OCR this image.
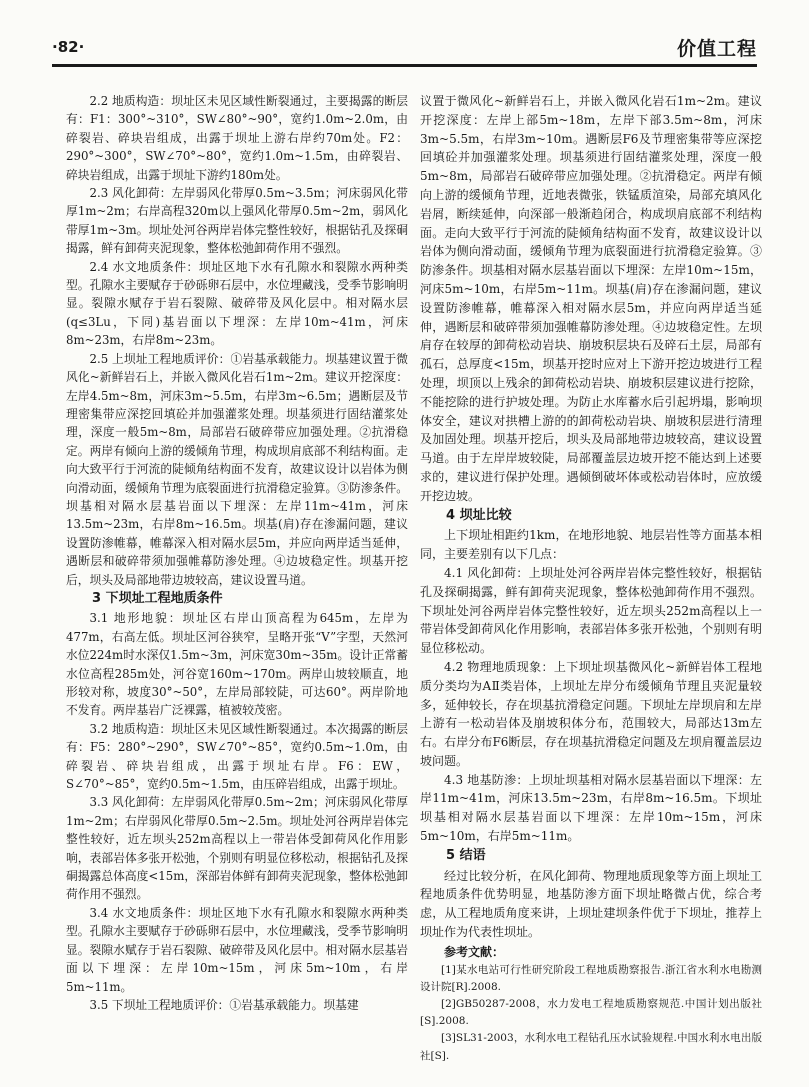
·82·	价值工程

2.2 地质构造：坝址区未见区域性断裂通过，主要揭露的断层有：F1：300°~310°，SW∠80°~90°，宽约1.0m~2.0m，由碎裂岩、碎块岩组成，出露于坝址上游右岸约70m处。F2：290°~300°，SW∠70°~80°，宽约1.0m~1.5m，由碎裂岩、碎块岩组成，出露于坝址下游约180m处。

2.3 风化卸荷：左岸弱风化带厚0.5m~3.5m；河床弱风化带厚1m~2m；右岸高程320m以上强风化带厚0.5m~2m，弱风化带厚1m~3m。坝址处河谷两岸岩体完整性较好，根据钻孔及探硐揭露，鲜有卸荷夹泥现象，整体松弛卸荷作用不强烈。

2.4 水文地质条件：坝址区地下水有孔隙水和裂隙水两种类型。孔隙水主要赋存于砂砾卵石层中，水位埋藏浅，受季节影响明显。裂隙水赋存于岩石裂隙、破碎带及风化层中。相对隔水层(q≤3Lu，下同)基岩面以下埋深：左岸10m~41m，河床8m~23m，右岸8m~23m。

2.5 上坝址工程地质评价：①岩基承载能力。坝基建议置于微风化~新鲜岩石上，并嵌入微风化岩石1m~2m。建议开挖深度：左岸4.5m~8m，河床3m~5.5m，右岸3m~6.5m；遇断层及节理密集带应深挖回填砼并加强灌浆处理。坝基须进行固结灌浆处理，深度一般5m~8m，局部岩石破碎带应加强处理。②抗滑稳定。两岸有倾向上游的缓倾角节理，构成坝肩底部不利结构面。走向大致平行于河流的陡倾角结构面不发育，故建议设计以岩体为侧向滑动面，缓倾角节理为底裂面进行抗滑稳定验算。③防渗条件。坝基相对隔水层基岩面以下埋深：左岸11m~41m，河床13.5m~23m，右岸8m~16.5m。坝基(肩)存在渗漏问题，建议设置防渗帷幕，帷幕深入相对隔水层5m，并应向两岸适当延伸，遇断层和破碎带须加强帷幕防渗处理。④边坡稳定性。坝基开挖后，坝头及局部地带边坡较高，建议设置马道。

3 下坝址工程地质条件

3.1 地形地貌：坝址区右岸山顶高程为645m，左岸为477m，右高左低。坝址区河谷狭窄，呈略开张“V”字型，天然河水位224m时水深仅1.5m~3m，河床宽30m~35m。设计正常蓄水位高程285m处，河谷宽160m~170m。两岸山坡较顺直，地形较对称，坡度30°~50°，左岸局部较陡，可达60°。两岸阶地不发育。两岸基岩广泛裸露，植被较茂密。

3.2 地质构造：坝址区未见区域性断裂通过。本次揭露的断层有：F5：280°~290°，SW∠70°~85°，宽约0.5m~1.0m，由碎裂岩、碎块岩组成，出露于坝址右岸。F6：EW，S∠70°~85°，宽约0.5m~1.5m，由压碎岩组成，出露于坝址。

3.3 风化卸荷：左岸弱风化带厚0.5m~2m；河床弱风化带厚1m~2m；右岸弱风化带厚0.5m~2.5m。坝址处河谷两岸岩体完整性较好，近左坝头252m高程以上一带岩体受卸荷风化作用影响，表部岩体多张开松弛，个别则有明显位移松动，根据钻孔及探硐揭露总体高度<15m，深部岩体鲜有卸荷夹泥现象，整体松弛卸荷作用不强烈。

3.4 水文地质条件：坝址区地下水有孔隙水和裂隙水两种类型。孔隙水主要赋存于砂砾卵石层中，水位埋藏浅，受季节影响明显。裂隙水赋存于岩石裂隙、破碎带及风化层中。相对隔水层基岩面以下埋深：左岸10m~15m，河床5m~10m，右岸5m~11m。

3.5 下坝址工程地质评价：①岩基承载能力。坝基建

议置于微风化~新鲜岩石上，并嵌入微风化岩石1m~2m。建议开挖深度：左岸上部5m~18m，左岸下部3.5m~8m，河床3m~5.5m，右岸3m~10m。遇断层F6及节理密集带等应深挖回填砼并加强灌浆处理。坝基须进行固结灌浆处理，深度一般5m~8m，局部岩石破碎带应加强处理。②抗滑稳定。两岸有倾向上游的缓倾角节理，近地表微张，铁锰质渲染，局部充填风化岩屑，断续延伸，向深部一般渐趋闭合，构成坝肩底部不利结构面。走向大致平行于河流的陡倾角结构面不发育，故建议设计以岩体为侧向滑动面，缓倾角节理为底裂面进行抗滑稳定验算。③防渗条件。坝基相对隔水层基岩面以下埋深：左岸10m~15m，河床5m~10m，右岸5m~11m。坝基(肩)存在渗漏问题，建议设置防渗帷幕，帷幕深入相对隔水层5m，并应向两岸适当延伸，遇断层和破碎带须加强帷幕防渗处理。④边坡稳定性。左坝肩存在较厚的卸荷松动岩块、崩坡积层块石及碎石土层，局部有孤石，总厚度<15m，坝基开挖时应对上下游开挖边坡进行工程处理，坝顶以上残余的卸荷松动岩块、崩坡积层建议进行挖除，不能挖除的进行护坡处理。为防止水库蓄水后引起坍塌，影响坝体安全，建议对拱槽上游的的卸荷松动岩块、崩坡积层进行清理及加固处理。坝基开挖后，坝头及局部地带边坡较高，建议设置马道。由于左岸岸坡较陡，局部覆盖层边坡开挖不能达到上述要求的，建议进行保护处理。遇倾倒破坏体或松动岩体时，应放缓开挖边坡。

4 坝址比较

上下坝址相距约1km，在地形地貌、地层岩性等方面基本相同，主要差别有以下几点：

4.1 风化卸荷：上坝址处河谷两岸岩体完整性较好，根据钻孔及探硐揭露，鲜有卸荷夹泥现象，整体松弛卸荷作用不强烈。下坝址处河谷两岸岩体完整性较好，近左坝头252m高程以上一带岩体受卸荷风化作用影响，表部岩体多张开松弛，个别则有明显位移松动。

4.2 物理地质现象：上下坝址坝基微风化~新鲜岩体工程地质分类均为AⅡ类岩体，上坝址左岸分布缓倾角节理且夹泥量较多，延伸较长，存在坝基抗滑稳定问题。下坝址左岸坝肩和左岸上游有一松动岩体及崩坡积体分布，范围较大，局部达13m左右。右岸分布F6断层，存在坝基抗滑稳定问题及左坝肩覆盖层边坡问题。

4.3 地基防渗：上坝址坝基相对隔水层基岩面以下埋深：左岸11m~41m，河床13.5m~23m，右岸8m~16.5m。下坝址坝基相对隔水层基岩面以下埋深：左岸10m~15m，河床5m~10m，右岸5m~11m。

5 结语

经过比较分析，在风化卸荷、物理地质现象等方面上坝址工程地质条件优势明显，地基防渗方面下坝址略微占优，综合考虑，从工程地质角度来讲，上坝址建坝条件优于下坝址，推荐上坝址作为代表性坝址。

参考文献：

[1]某水电站可行性研究阶段工程地质勘察报告.浙江省水利水电勘测设计院[R].2008.

[2]GB50287-2008，水力发电工程地质勘察规范.中国计划出版社[S].2008.

[3]SL31-2003，水利水电工程钻孔压水试验规程.中国水利水电出版社[S].
